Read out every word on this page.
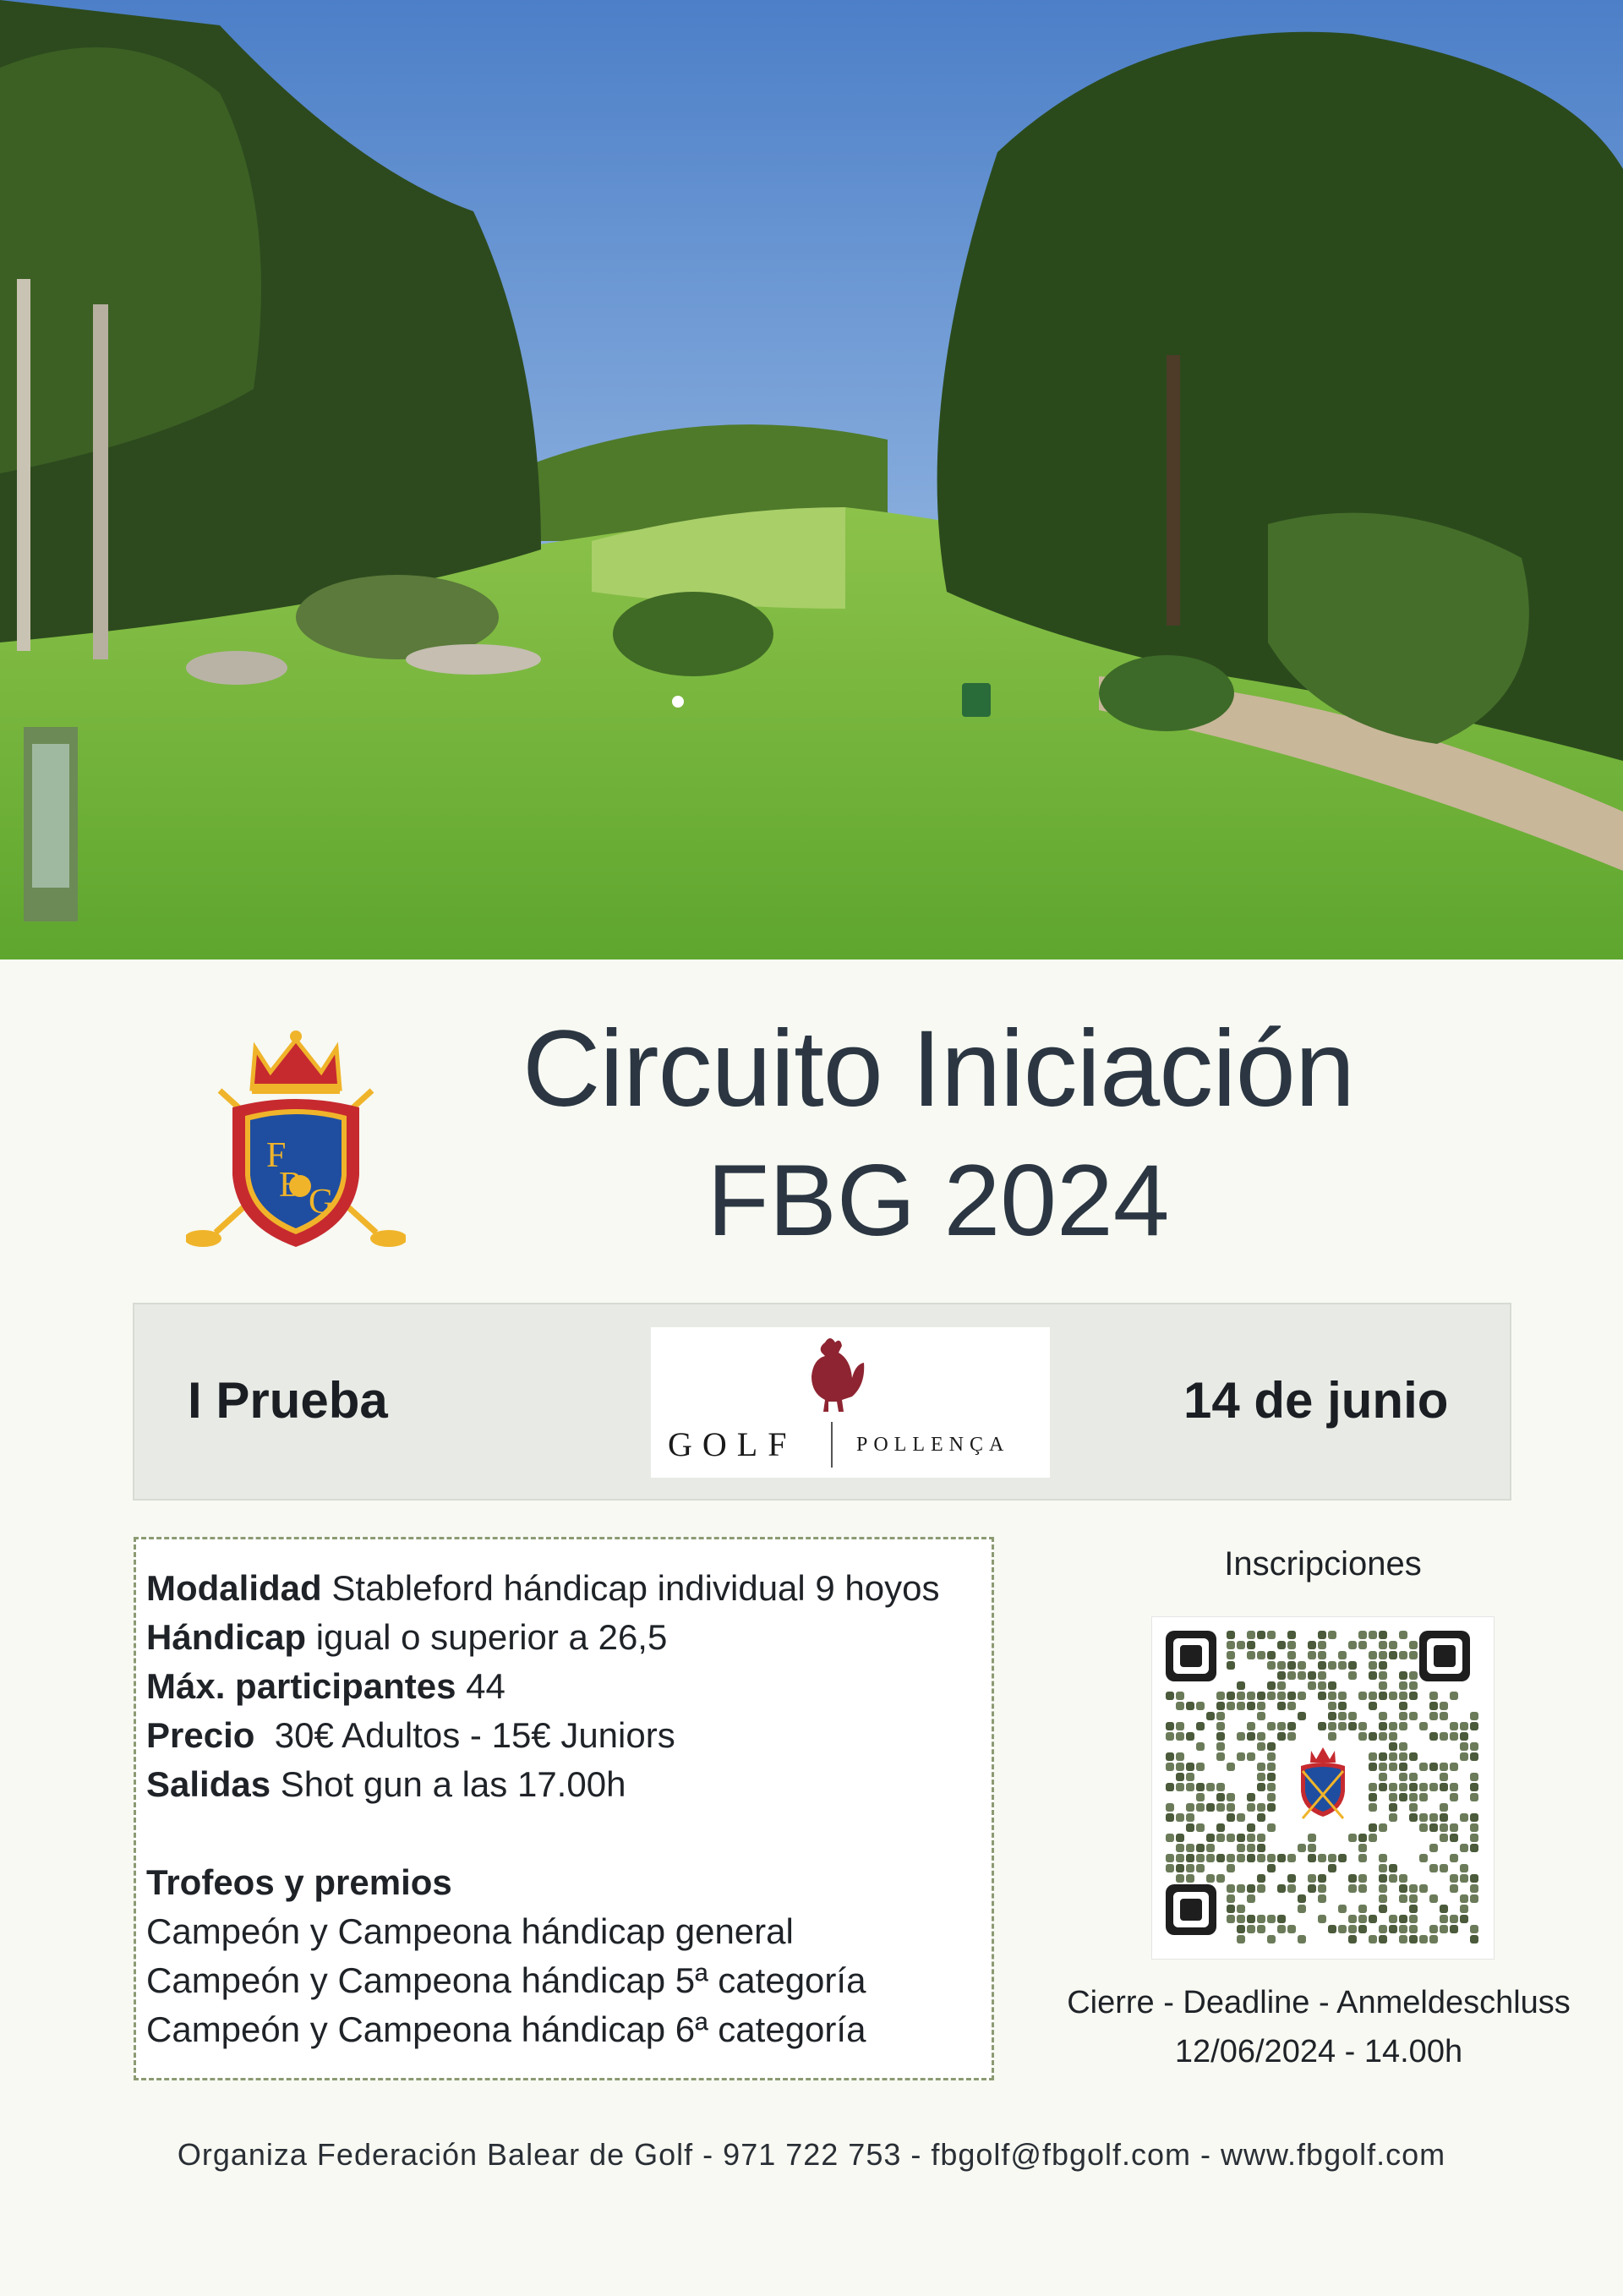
F
B G
Circuito Iniciación
FBG 2024
I Prueba
GOLF	POLLENÇA
14 de junio
Modalidad Stableford hándicap individual 9 hoyos
Hándicap igual o superior a 26,5
Máx. participantes 44
Precio  30€ Adultos - 15€ Juniors
Salidas Shot gun a las 17.00h
Trofeos y premios
Campeón y Campeona hándicap general
Campeón y Campeona hándicap 5ª categoría
Campeón y Campeona hándicap 6ª categoría
Inscripciones
Cierre - Deadline - Anmeldeschluss
12/06/2024 - 14.00h
Organiza Federación Balear de Golf - 971 722 753 - fbgolf@fbgolf.com - www.fbgolf.com
